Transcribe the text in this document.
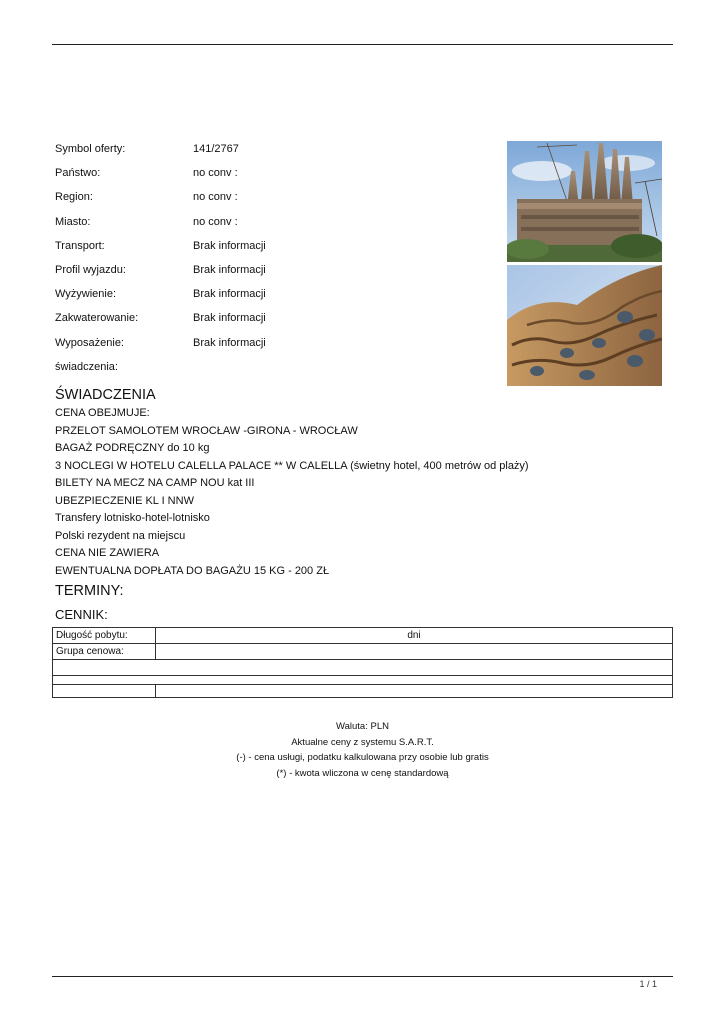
Symbol oferty:	141/2767
Państwo:	no conv :
Region:	no conv :
Miasto:	no conv :
Transport:	Brak informacji
Profil wyjazdu:	Brak informacji
Wyżywienie:	Brak informacji
Zakwaterowanie:	Brak informacji
Wyposażenie:	Brak informacji
świadczenia:
ŚWIADCZENIA
CENA OBEJMUJE:
PRZELOT SAMOLOTEM WROCŁAW -GIRONA - WROCŁAW
BAGAŻ PODRĘCZNY do 10 kg
3 NOCLEGI W HOTELU CALELLA PALACE ** W CALELLA (świetny hotel, 400 metrów od plaży)
BILETY NA MECZ NA CAMP NOU kat III
UBEZPIECZENIE KL I NNW
Transfery lotnisko-hotel-lotnisko
Polski rezydent na miejscu
CENA NIE ZAWIERA
EWENTUALNA DOPŁATA DO BAGAŻU 15 KG - 200 ZŁ
TERMINY:
CENNIK:
Długość pobytu:	dni
Grupa cenowa:	

Waluta: PLN
Aktualne ceny z systemu S.A.R.T.
(-) - cena usługi, podatku kalkulowana przy osobie lub gratis
(*) - kwota wliczona w cenę standardową
1 / 1
